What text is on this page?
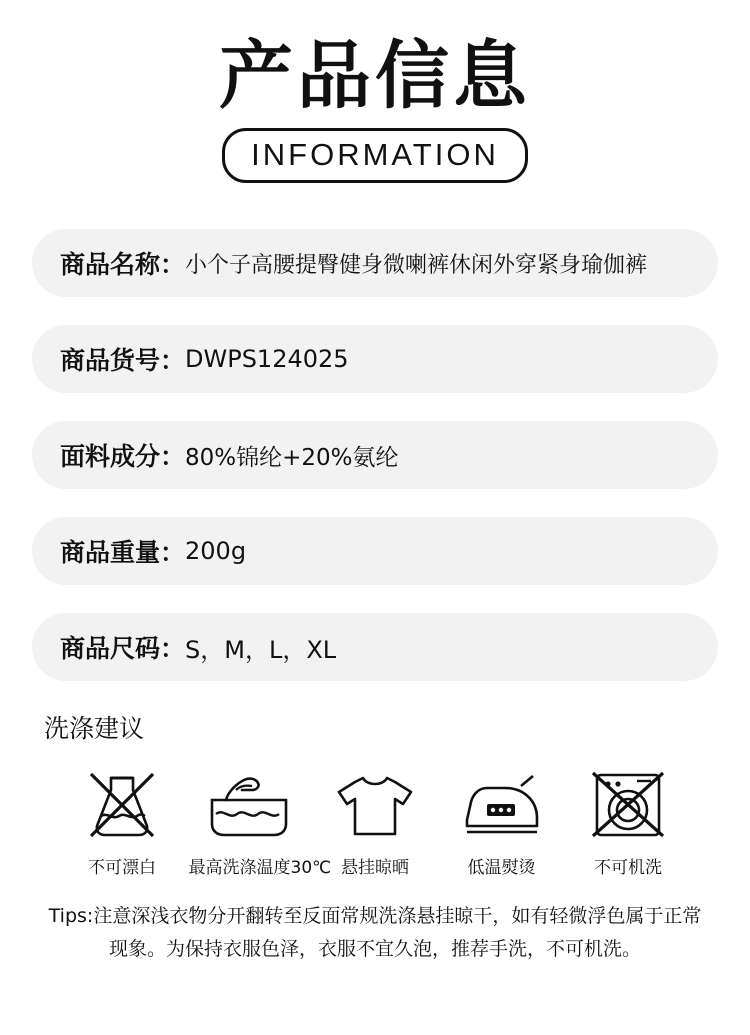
产品信息
INFORMATION
商品名称： 小个子高腰提臀健身微喇裤休闲外穿紧身瑜伽裤
商品货号： DWPS124025
面料成分： 80%锦纶+20%氨纶
商品重量： 200g
商品尺码： S，M，L，XL
洗涤建议
不可漂白	最高洗涤温度30℃ 悬挂晾晒	低温熨烫	不可机洗
Tips:注意深浅衣物分开翻转至反面常规洗涤悬挂晾干，如有轻微浮色属于正常
现象。为保持衣服色泽，衣服不宜久泡，推荐手洗，不可机洗。
